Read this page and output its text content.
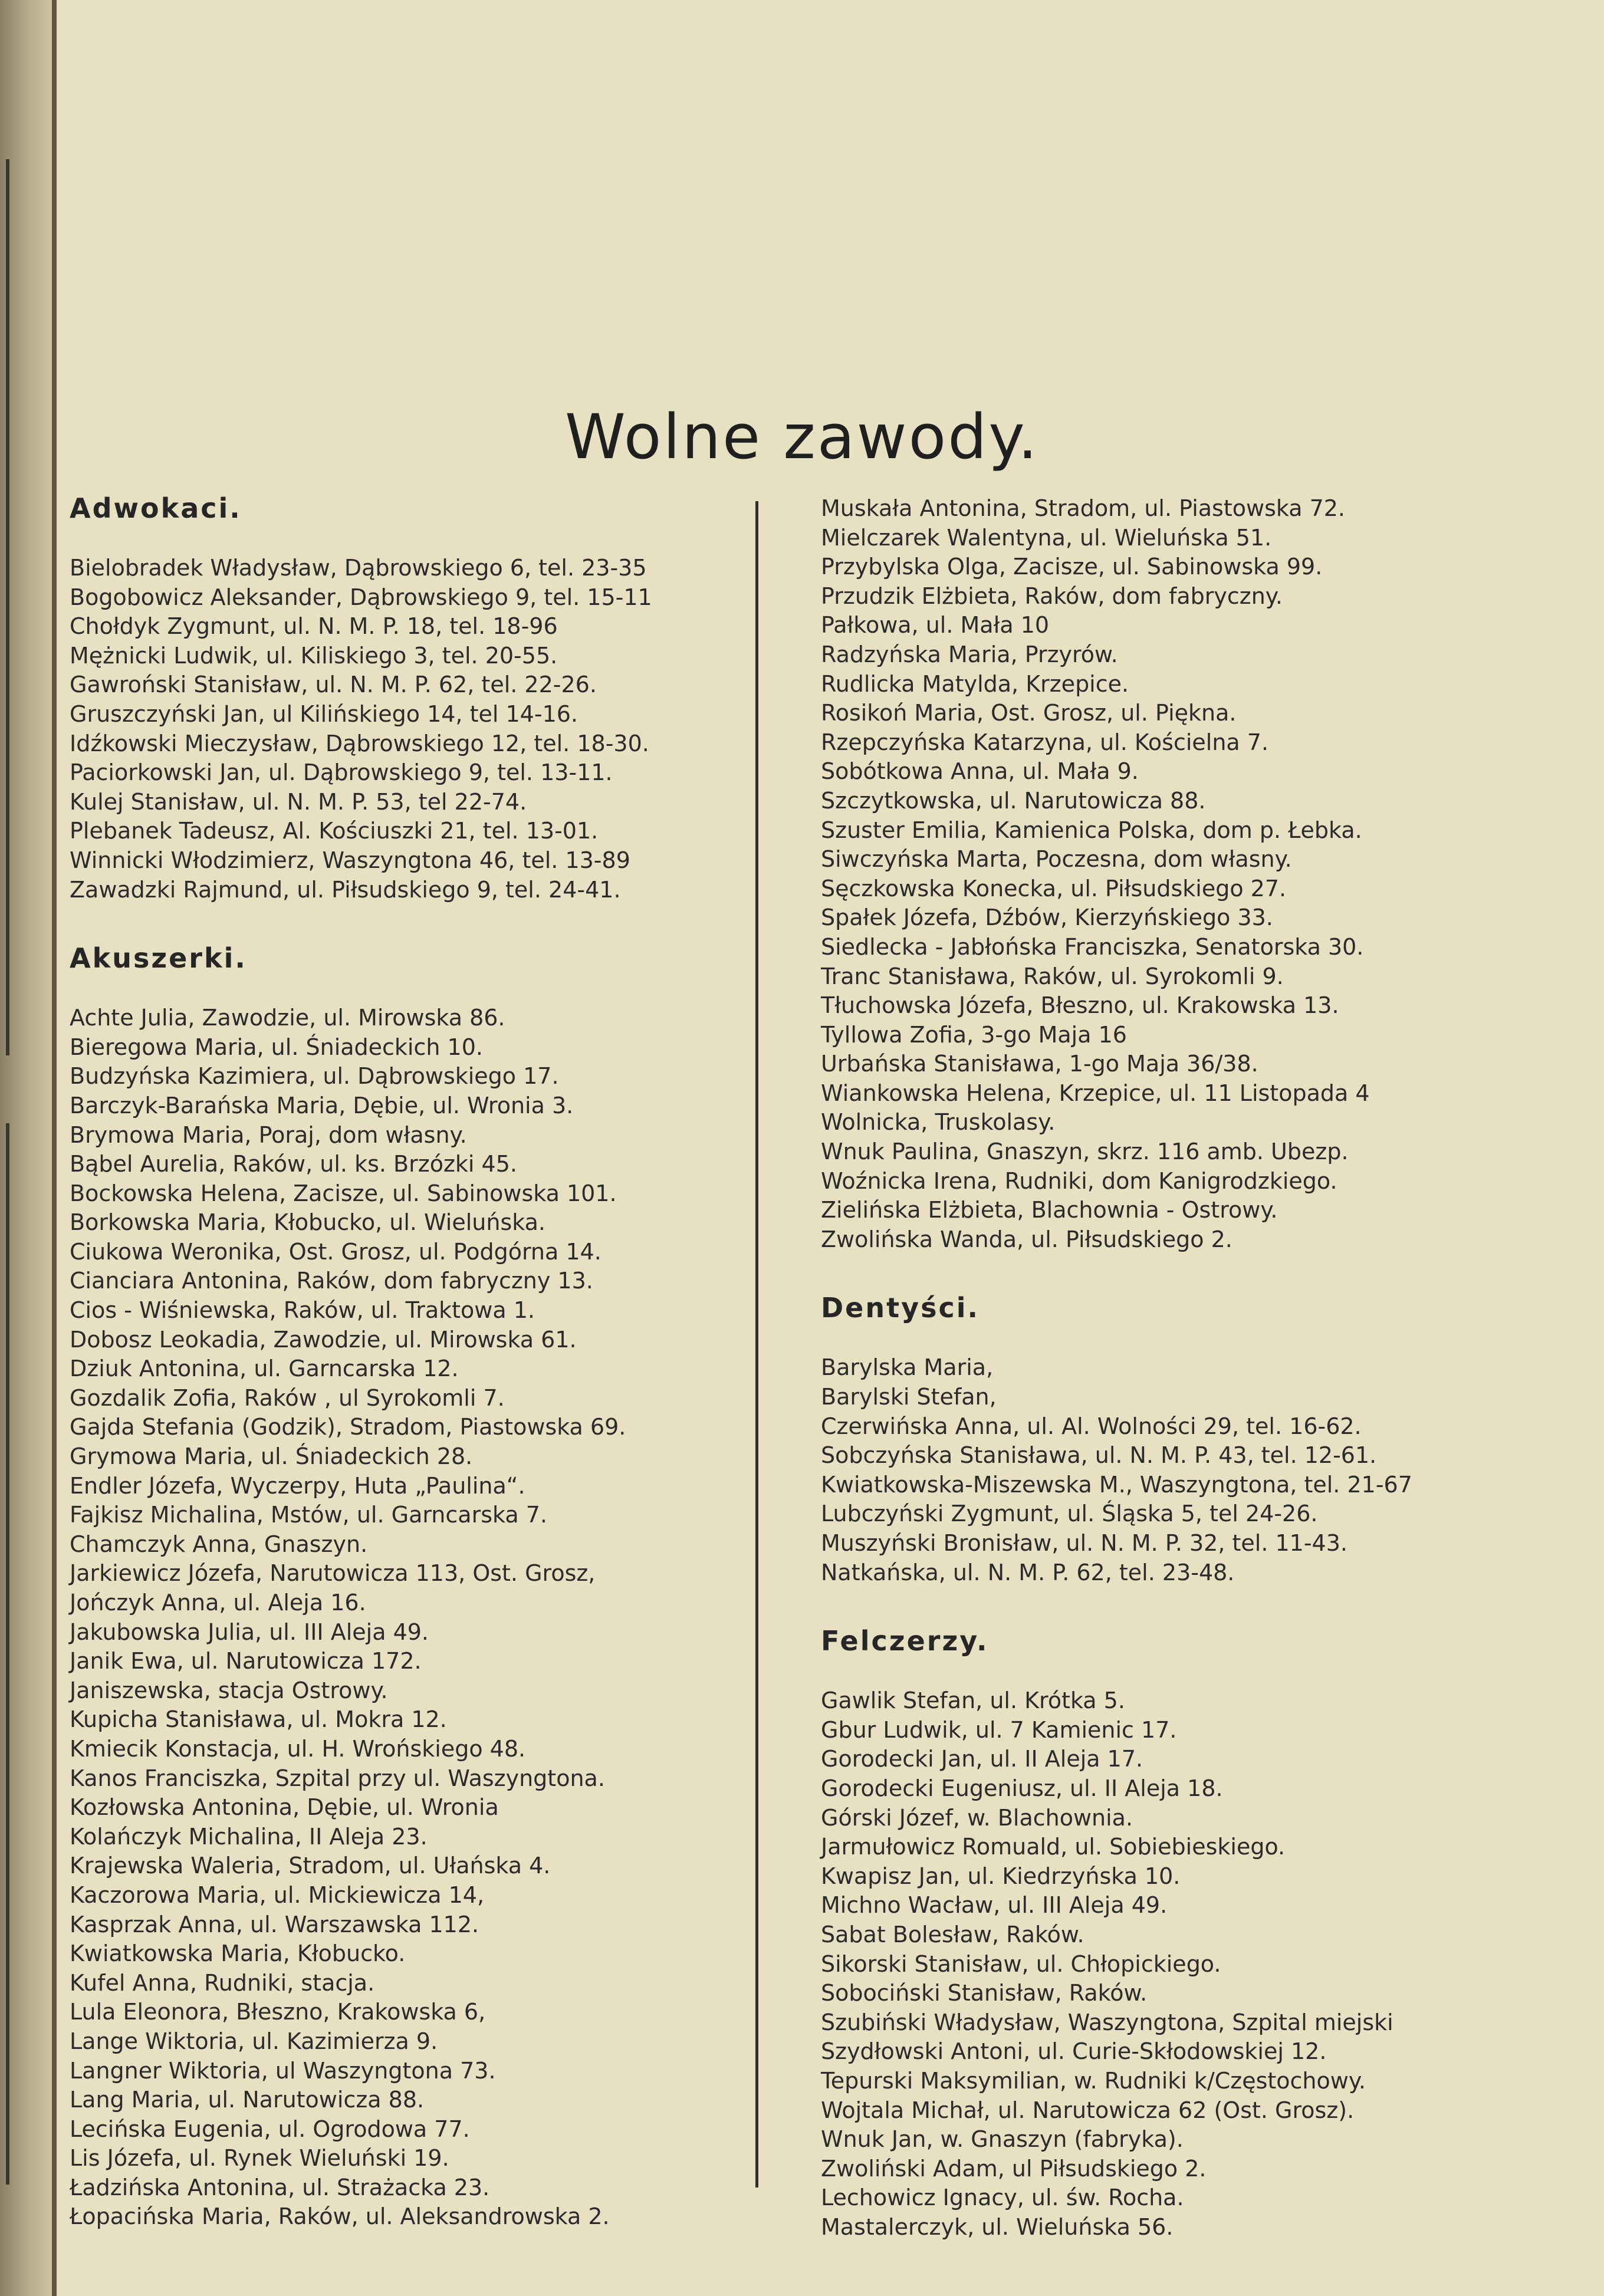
Wolne zawody.
Adwokaci.
Bielobradek Władysław, Dąbrowskiego 6, tel. 23-35
Bogobowicz Aleksander, Dąbrowskiego 9, tel. 15-11
Chołdyk Zygmunt, ul. N. M. P. 18, tel. 18-96
Mężnicki Ludwik, ul. Kiliskiego 3, tel. 20-55.
Gawroński Stanisław, ul. N. M. P. 62, tel. 22-26.
Gruszczyński Jan, ul Kilińskiego 14, tel 14-16.
Idźkowski Mieczysław, Dąbrowskiego 12, tel. 18-30.
Paciorkowski Jan, ul. Dąbrowskiego 9, tel. 13-11.
Kulej Stanisław, ul. N. M. P. 53, tel 22-74.
Plebanek Tadeusz, Al. Kościuszki 21, tel. 13-01.
Winnicki Włodzimierz, Waszyngtona 46, tel. 13-89
Zawadzki Rajmund, ul. Piłsudskiego 9, tel. 24-41.
Akuszerki.
Achte Julia, Zawodzie, ul. Mirowska 86.
Bieregowa Maria, ul. Śniadeckich 10.
Budzyńska Kazimiera, ul. Dąbrowskiego 17.
Barczyk-Barańska Maria, Dębie, ul. Wronia 3.
Brymowa Maria, Poraj, dom własny.
Bąbel Aurelia, Raków, ul. ks. Brzózki 45.
Bockowska Helena, Zacisze, ul. Sabinowska 101.
Borkowska Maria, Kłobucko, ul. Wieluńska.
Ciukowa Weronika, Ost. Grosz, ul. Podgórna 14.
Cianciara Antonina, Raków, dom fabryczny 13.
Cios - Wiśniewska, Raków, ul. Traktowa 1.
Dobosz Leokadia, Zawodzie, ul. Mirowska 61.
Dziuk Antonina, ul. Garncarska 12.
Gozdalik Zofia, Raków , ul Syrokomli 7.
Gajda Stefania (Godzik), Stradom, Piastowska 69.
Grymowa Maria, ul. Śniadeckich 28.
Endler Józefa, Wyczerpy, Huta „Paulina“.
Fajkisz Michalina, Mstów, ul. Garncarska 7.
Chamczyk Anna, Gnaszyn.
Jarkiewicz Józefa, Narutowicza 113, Ost. Grosz,
Jończyk Anna, ul. Aleja 16.
Jakubowska Julia, ul. III Aleja 49.
Janik Ewa, ul. Narutowicza 172.
Janiszewska, stacja Ostrowy.
Kupicha Stanisława, ul. Mokra 12.
Kmiecik Konstacja, ul. H. Wrońskiego 48.
Kanos Franciszka, Szpital przy ul. Waszyngtona.
Kozłowska Antonina, Dębie, ul. Wronia
Kolańczyk Michalina, II Aleja 23.
Krajewska Waleria, Stradom, ul. Ułańska 4.
Kaczorowa Maria, ul. Mickiewicza 14,
Kasprzak Anna, ul. Warszawska 112.
Kwiatkowska Maria, Kłobucko.
Kufel Anna, Rudniki, stacja.
Lula Eleonora, Błeszno, Krakowska 6,
Lange Wiktoria, ul. Kazimierza 9.
Langner Wiktoria, ul Waszyngtona 73.
Lang Maria, ul. Narutowicza 88.
Lecińska Eugenia, ul. Ogrodowa 77.
Lis Józefa, ul. Rynek Wieluński 19.
Ładzińska Antonina, ul. Strażacka 23.
Łopacińska Maria, Raków, ul. Aleksandrowska 2.
Muskała Antonina, Stradom, ul. Piastowska 72.
Mielczarek Walentyna, ul. Wieluńska 51.
Przybylska Olga, Zacisze, ul. Sabinowska 99.
Przudzik Elżbieta, Raków, dom fabryczny.
Pałkowa, ul. Mała 10
Radzyńska Maria, Przyrów.
Rudlicka Matylda, Krzepice.
Rosikoń Maria, Ost. Grosz, ul. Piękna.
Rzepczyńska Katarzyna, ul. Kościelna 7.
Sobótkowa Anna, ul. Mała 9.
Szczytkowska, ul. Narutowicza 88.
Szuster Emilia, Kamienica Polska, dom p. Łebka.
Siwczyńska Marta, Poczesna, dom własny.
Sęczkowska Konecka, ul. Piłsudskiego 27.
Spałek Józefa, Dźbów, Kierzyńskiego 33.
Siedlecka - Jabłońska Franciszka, Senatorska 30.
Tranc Stanisława, Raków, ul. Syrokomli 9.
Tłuchowska Józefa, Błeszno, ul. Krakowska 13.
Tyllowa Zofia, 3-go Maja 16
Urbańska Stanisława, 1-go Maja 36/38.
Wiankowska Helena, Krzepice, ul. 11 Listopada 4
Wolnicka, Truskolasy.
Wnuk Paulina, Gnaszyn, skrz. 116 amb. Ubezp.
Woźnicka Irena, Rudniki, dom Kanigrodzkiego.
Zielińska Elżbieta, Blachownia - Ostrowy.
Zwolińska Wanda, ul. Piłsudskiego 2.
Dentyści.
Barylska Maria,
Barylski Stefan,
Czerwińska Anna, ul. Al. Wolności 29, tel. 16-62.
Sobczyńska Stanisława, ul. N. M. P. 43, tel. 12-61.
Kwiatkowska-Miszewska M., Waszyngtona, tel. 21-67
Lubczyński Zygmunt, ul. Śląska 5, tel 24-26.
Muszyński Bronisław, ul. N. M. P. 32, tel. 11-43.
Natkańska, ul. N. M. P. 62, tel. 23-48.
Felczerzy.
Gawlik Stefan, ul. Krótka 5.
Gbur Ludwik, ul. 7 Kamienic 17.
Gorodecki Jan, ul. II Aleja 17.
Gorodecki Eugeniusz, ul. II Aleja 18.
Górski Józef, w. Blachownia.
Jarmułowicz Romuald, ul. Sobiebieskiego.
Kwapisz Jan, ul. Kiedrzyńska 10.
Michno Wacław, ul. III Aleja 49.
Sabat Bolesław, Raków.
Sikorski Stanisław, ul. Chłopickiego.
Sobociński Stanisław, Raków.
Szubiński Władysław, Waszyngtona, Szpital miejski
Szydłowski Antoni, ul. Curie-Skłodowskiej 12.
Tepurski Maksymilian, w. Rudniki k/Częstochowy.
Wojtala Michał, ul. Narutowicza 62 (Ost. Grosz).
Wnuk Jan, w. Gnaszyn (fabryka).
Zwoliński Adam, ul Piłsudskiego 2.
Lechowicz Ignacy, ul. św. Rocha.
Mastalerczyk, ul. Wieluńska 56.
